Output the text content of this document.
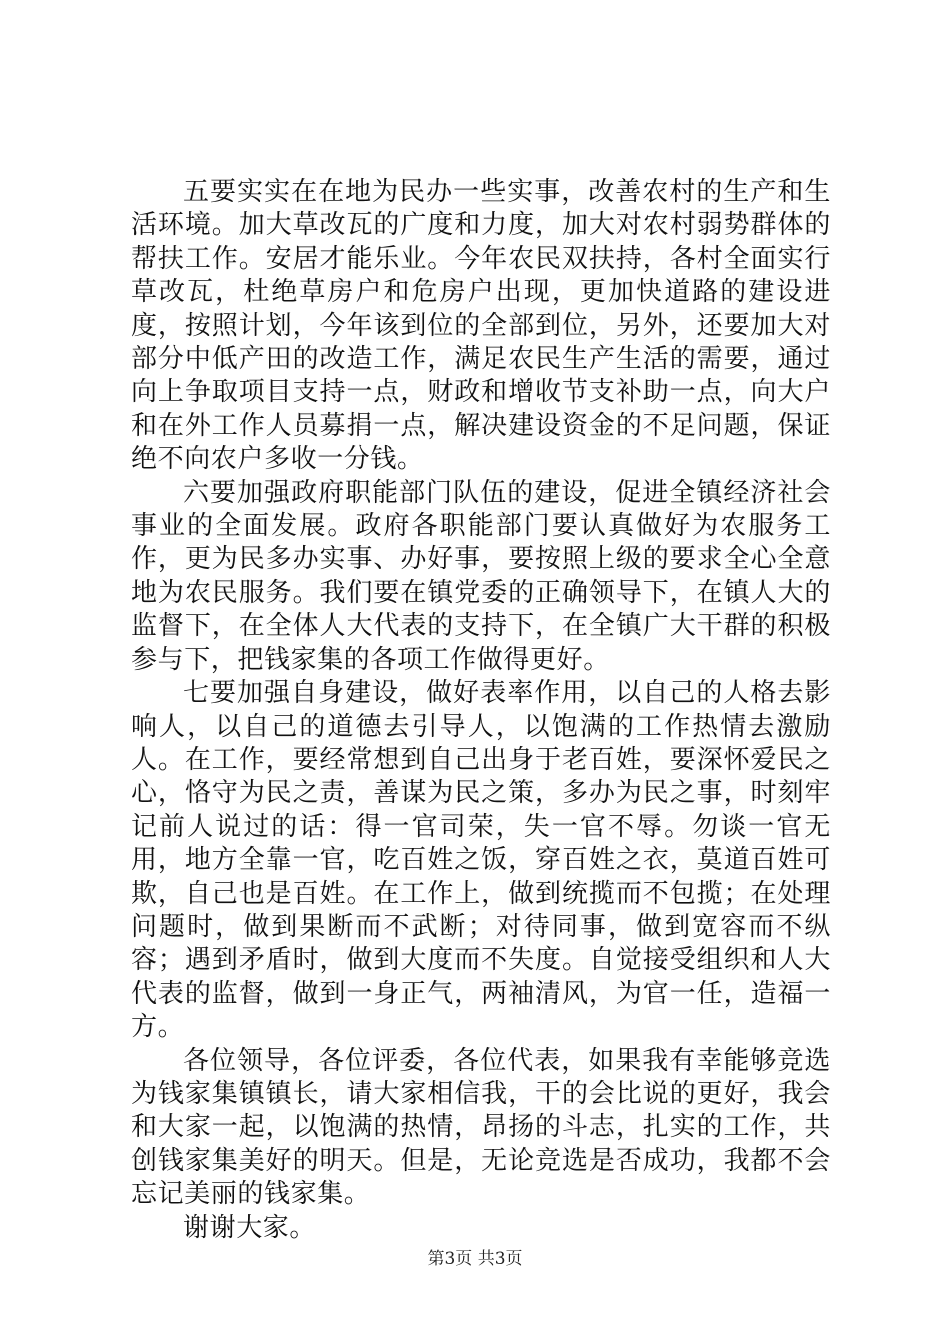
五要实实在在地为民办一些实事，改善农村的生产和生活环境。加大草改瓦的广度和力度，加大对农村弱势群体的帮扶工作。安居才能乐业。今年农民双扶持，各村全面实行草改瓦，杜绝草房户和危房户出现，更加快道路的建设进度，按照计划，今年该到位的全部到位，另外，还要加大对部分中低产田的改造工作，满足农民生产生活的需要，通过向上争取项目支持一点，财政和增收节支补助一点，向大户和在外工作人员募捐一点，解决建设资金的不足问题，保证绝不向农户多收一分钱。

六要加强政府职能部门队伍的建设，促进全镇经济社会事业的全面发展。政府各职能部门要认真做好为农服务工作，更为民多办实事、办好事，要按照上级的要求全心全意地为农民服务。我们要在镇党委的正确领导下，在镇人大的监督下，在全体人大代表的支持下，在全镇广大干群的积极参与下，把钱家集的各项工作做得更好。

七要加强自身建设，做好表率作用，以自己的人格去影响人，以自己的道德去引导人，以饱满的工作热情去激励人。在工作，要经常想到自己出身于老百姓，要深怀爱民之心，恪守为民之责，善谋为民之策，多办为民之事，时刻牢记前人说过的话：得一官司荣，失一官不辱。勿谈一官无用，地方全靠一官，吃百姓之饭，穿百姓之衣，莫道百姓可欺，自己也是百姓。在工作上，做到统揽而不包揽；在处理问题时，做到果断而不武断；对待同事，做到宽容而不纵容；遇到矛盾时，做到大度而不失度。自觉接受组织和人大代表的监督，做到一身正气，两袖清风，为官一任，造福一方。

各位领导，各位评委，各位代表，如果我有幸能够竞选为钱家集镇镇长，请大家相信我，干的会比说的更好，我会和大家一起，以饱满的热情，昂扬的斗志，扎实的工作，共创钱家集美好的明天。但是，无论竞选是否成功，我都不会忘记美丽的钱家集。

谢谢大家。

第3页 共3页
